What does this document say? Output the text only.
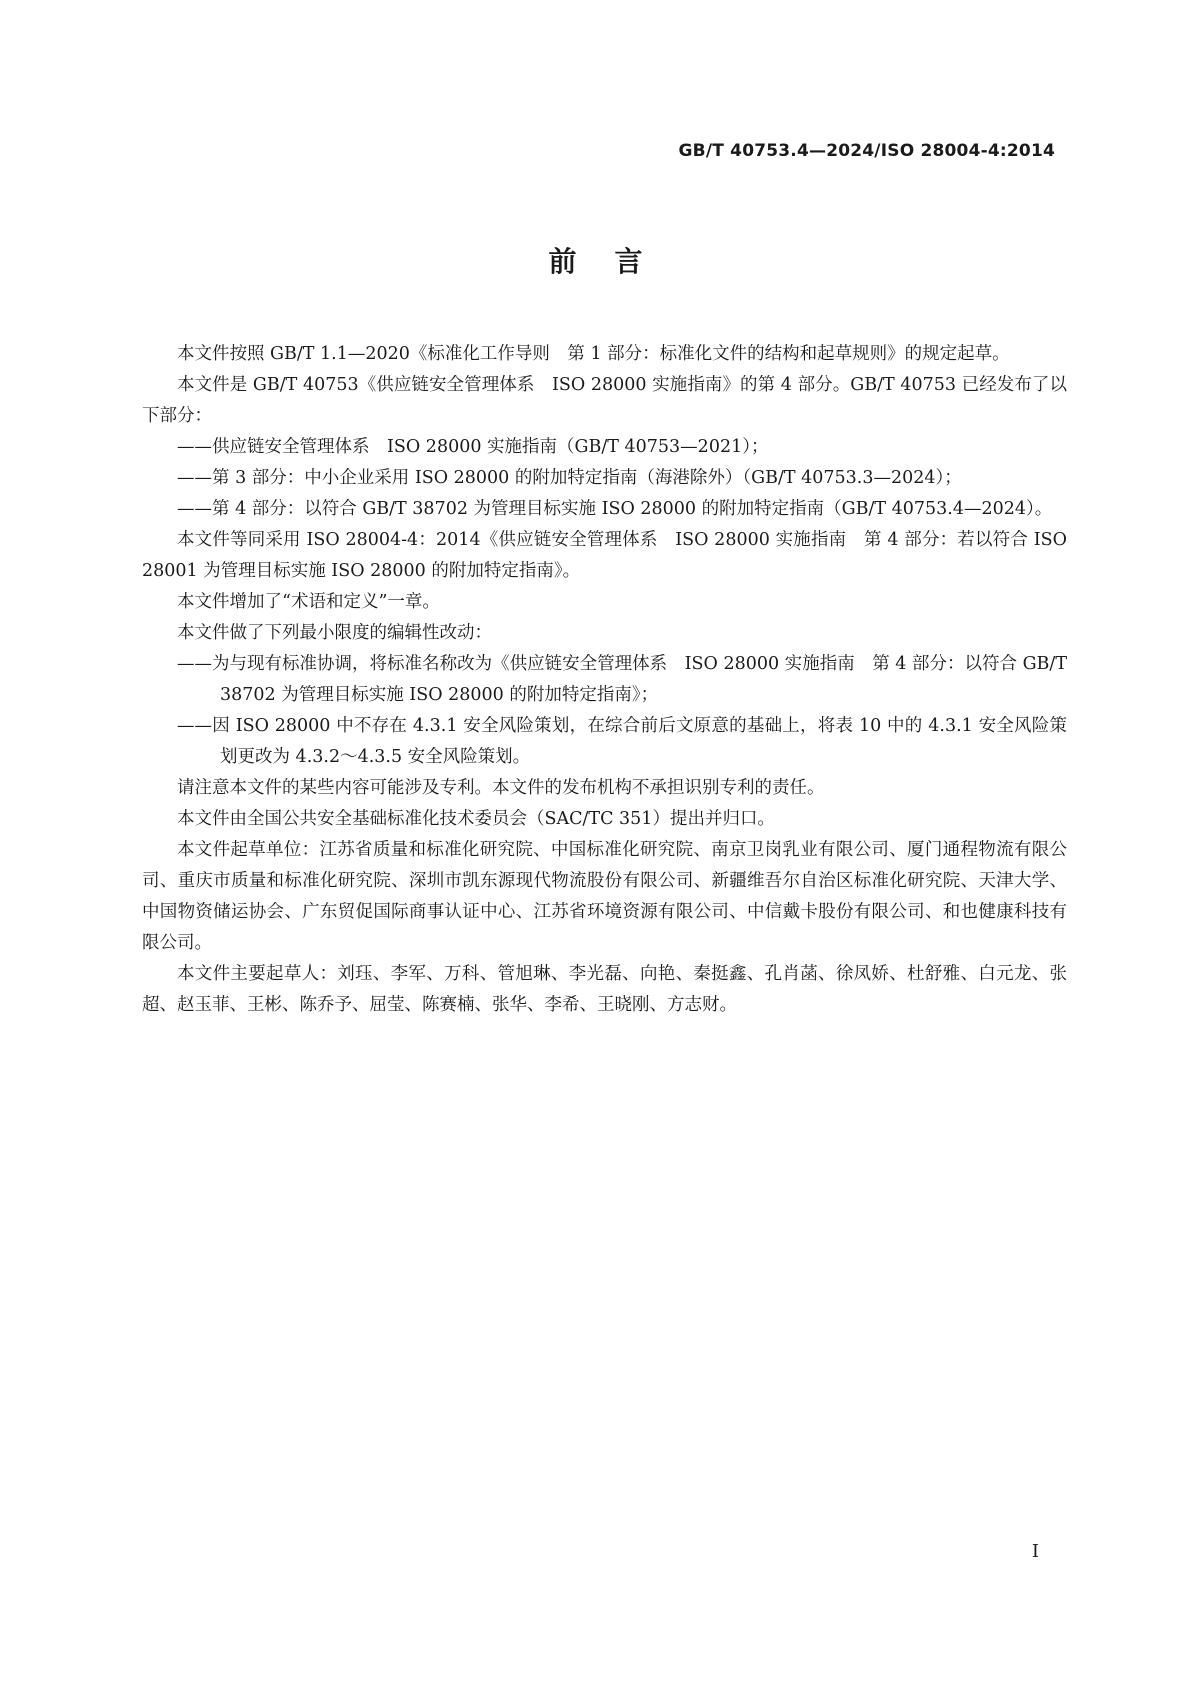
GB/T 40753.4—2024/ISO 28004-4:2014
前言

本文件按照 GB/T 1.1—2020《标准化工作导则　第 1 部分：标准化文件的结构和起草规则》的规定起草。

本文件是 GB/T 40753《供应链安全管理体系　ISO 28000 实施指南》的第 4 部分。GB/T 40753 已经发布了以下部分：

——供应链安全管理体系　ISO 28000 实施指南（GB/T 40753—2021）；

——第 3 部分：中小企业采用 ISO 28000 的附加特定指南（海港除外）（GB/T 40753.3—2024）；

——第 4 部分：以符合 GB/T 38702 为管理目标实施 ISO 28000 的附加特定指南（GB/T 40753.4—2024）。

本文件等同采用 ISO 28004-4：2014《供应链安全管理体系　ISO 28000 实施指南　第 4 部分：若以符合 ISO 28001 为管理目标实施 ISO 28000 的附加特定指南》。

本文件增加了“术语和定义”一章。

本文件做了下列最小限度的编辑性改动：

——为与现有标准协调，将标准名称改为《供应链安全管理体系　ISO 28000 实施指南　第 4 部分：以符合 GB/T 38702 为管理目标实施 ISO 28000 的附加特定指南》；

——因 ISO 28000 中不存在 4.3.1 安全风险策划，在综合前后文原意的基础上，将表 10 中的 4.3.1 安全风险策划更改为 4.3.2～4.3.5 安全风险策划。

请注意本文件的某些内容可能涉及专利。本文件的发布机构不承担识别专利的责任。

本文件由全国公共安全基础标准化技术委员会（SAC/TC 351）提出并归口。

本文件起草单位：江苏省质量和标准化研究院、中国标准化研究院、南京卫岗乳业有限公司、厦门通程物流有限公司、重庆市质量和标准化研究院、深圳市凯东源现代物流股份有限公司、新疆维吾尔自治区标准化研究院、天津大学、中国物资储运协会、广东贸促国际商事认证中心、江苏省环境资源有限公司、中信戴卡股份有限公司、和也健康科技有限公司。

本文件主要起草人：刘珏、李军、万科、管旭琳、李光磊、向艳、秦挺鑫、孔肖菡、徐凤娇、杜舒雅、白元龙、张超、赵玉菲、王彬、陈乔予、屈莹、陈赛楠、张华、李希、王晓刚、方志财。

I
